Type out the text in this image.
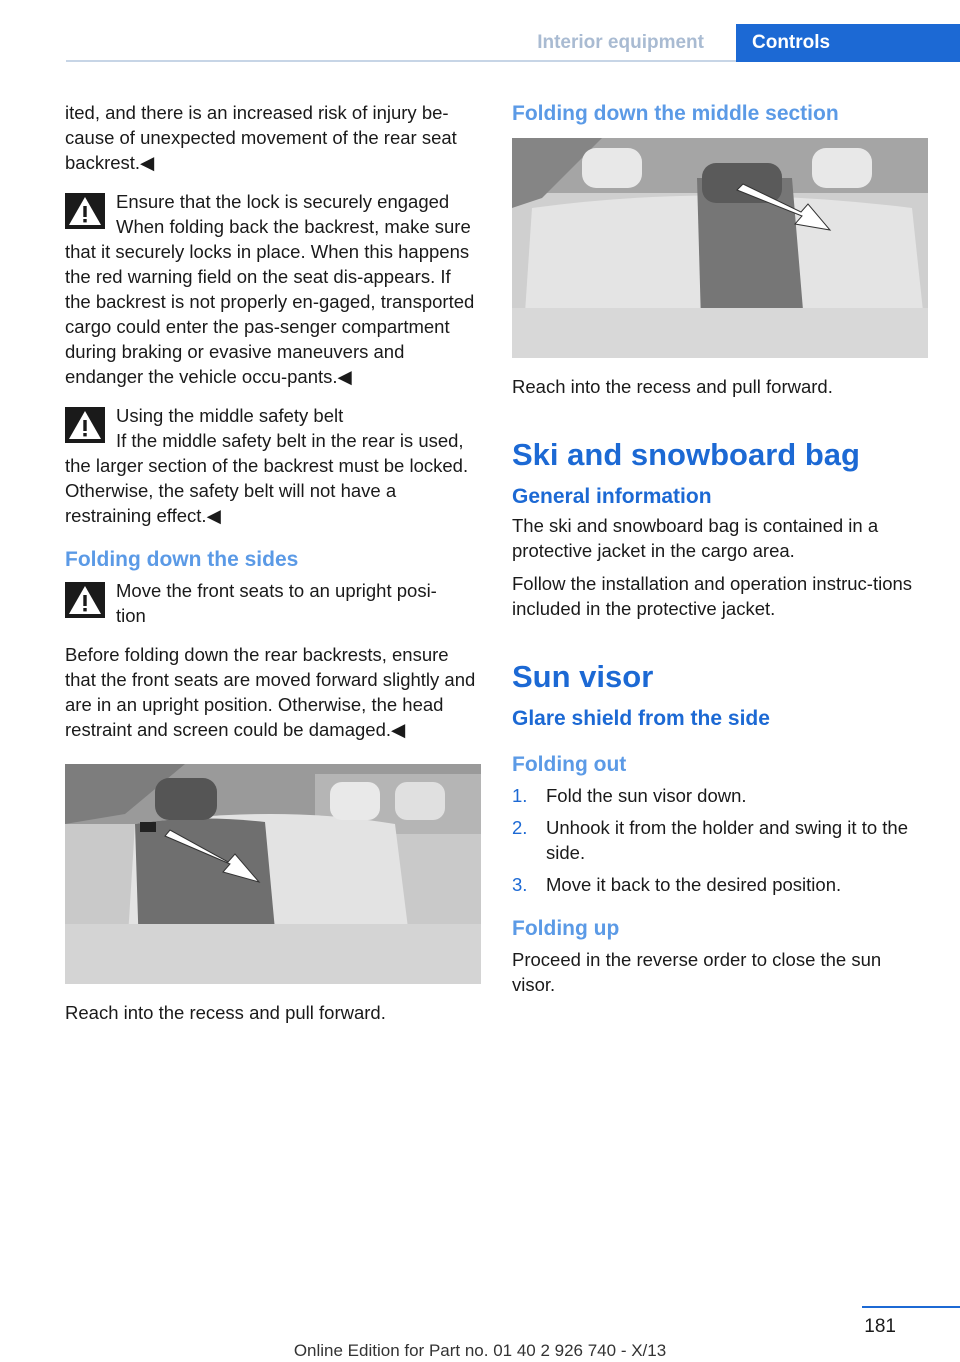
Interior equipment	Controls

ited, and there is an increased risk of injury be‐cause of unexpected movement of the rear seat backrest.◀

Ensure that the lock is securely engaged

When folding back the backrest, make sure that it securely locks in place. When this happens the red warning field on the seat dis‐appears. If the backrest is not properly en‐gaged, transported cargo could enter the pas‐senger compartment during braking or evasive maneuvers and endanger the vehicle occu‐pants.◀

Using the middle safety belt

If the middle safety belt in the rear is used, the larger section of the backrest must be locked. Otherwise, the safety belt will not have a restraining effect.◀

Folding down the sides

Move the front seats to an upright posi‐tion

Before folding down the rear backrests, ensure that the front seats are moved forward slightly and are in an upright position. Otherwise, the head restraint and screen could be damaged.◀

Reach into the recess and pull forward.

Folding down the middle section

Reach into the recess and pull forward.

Ski and snowboard bag
General information

The ski and snowboard bag is contained in a protective jacket in the cargo area.

Follow the installation and operation instruc‐tions included in the protective jacket.

Sun visor
Glare shield from the side
Folding out
1. Fold the sun visor down.
2. Unhook it from the holder and swing it to the side.
3. Move it back to the desired position.
Folding up

Proceed in the reverse order to close the sun visor.

181
Online Edition for Part no. 01 40 2 926 740 - X/13
